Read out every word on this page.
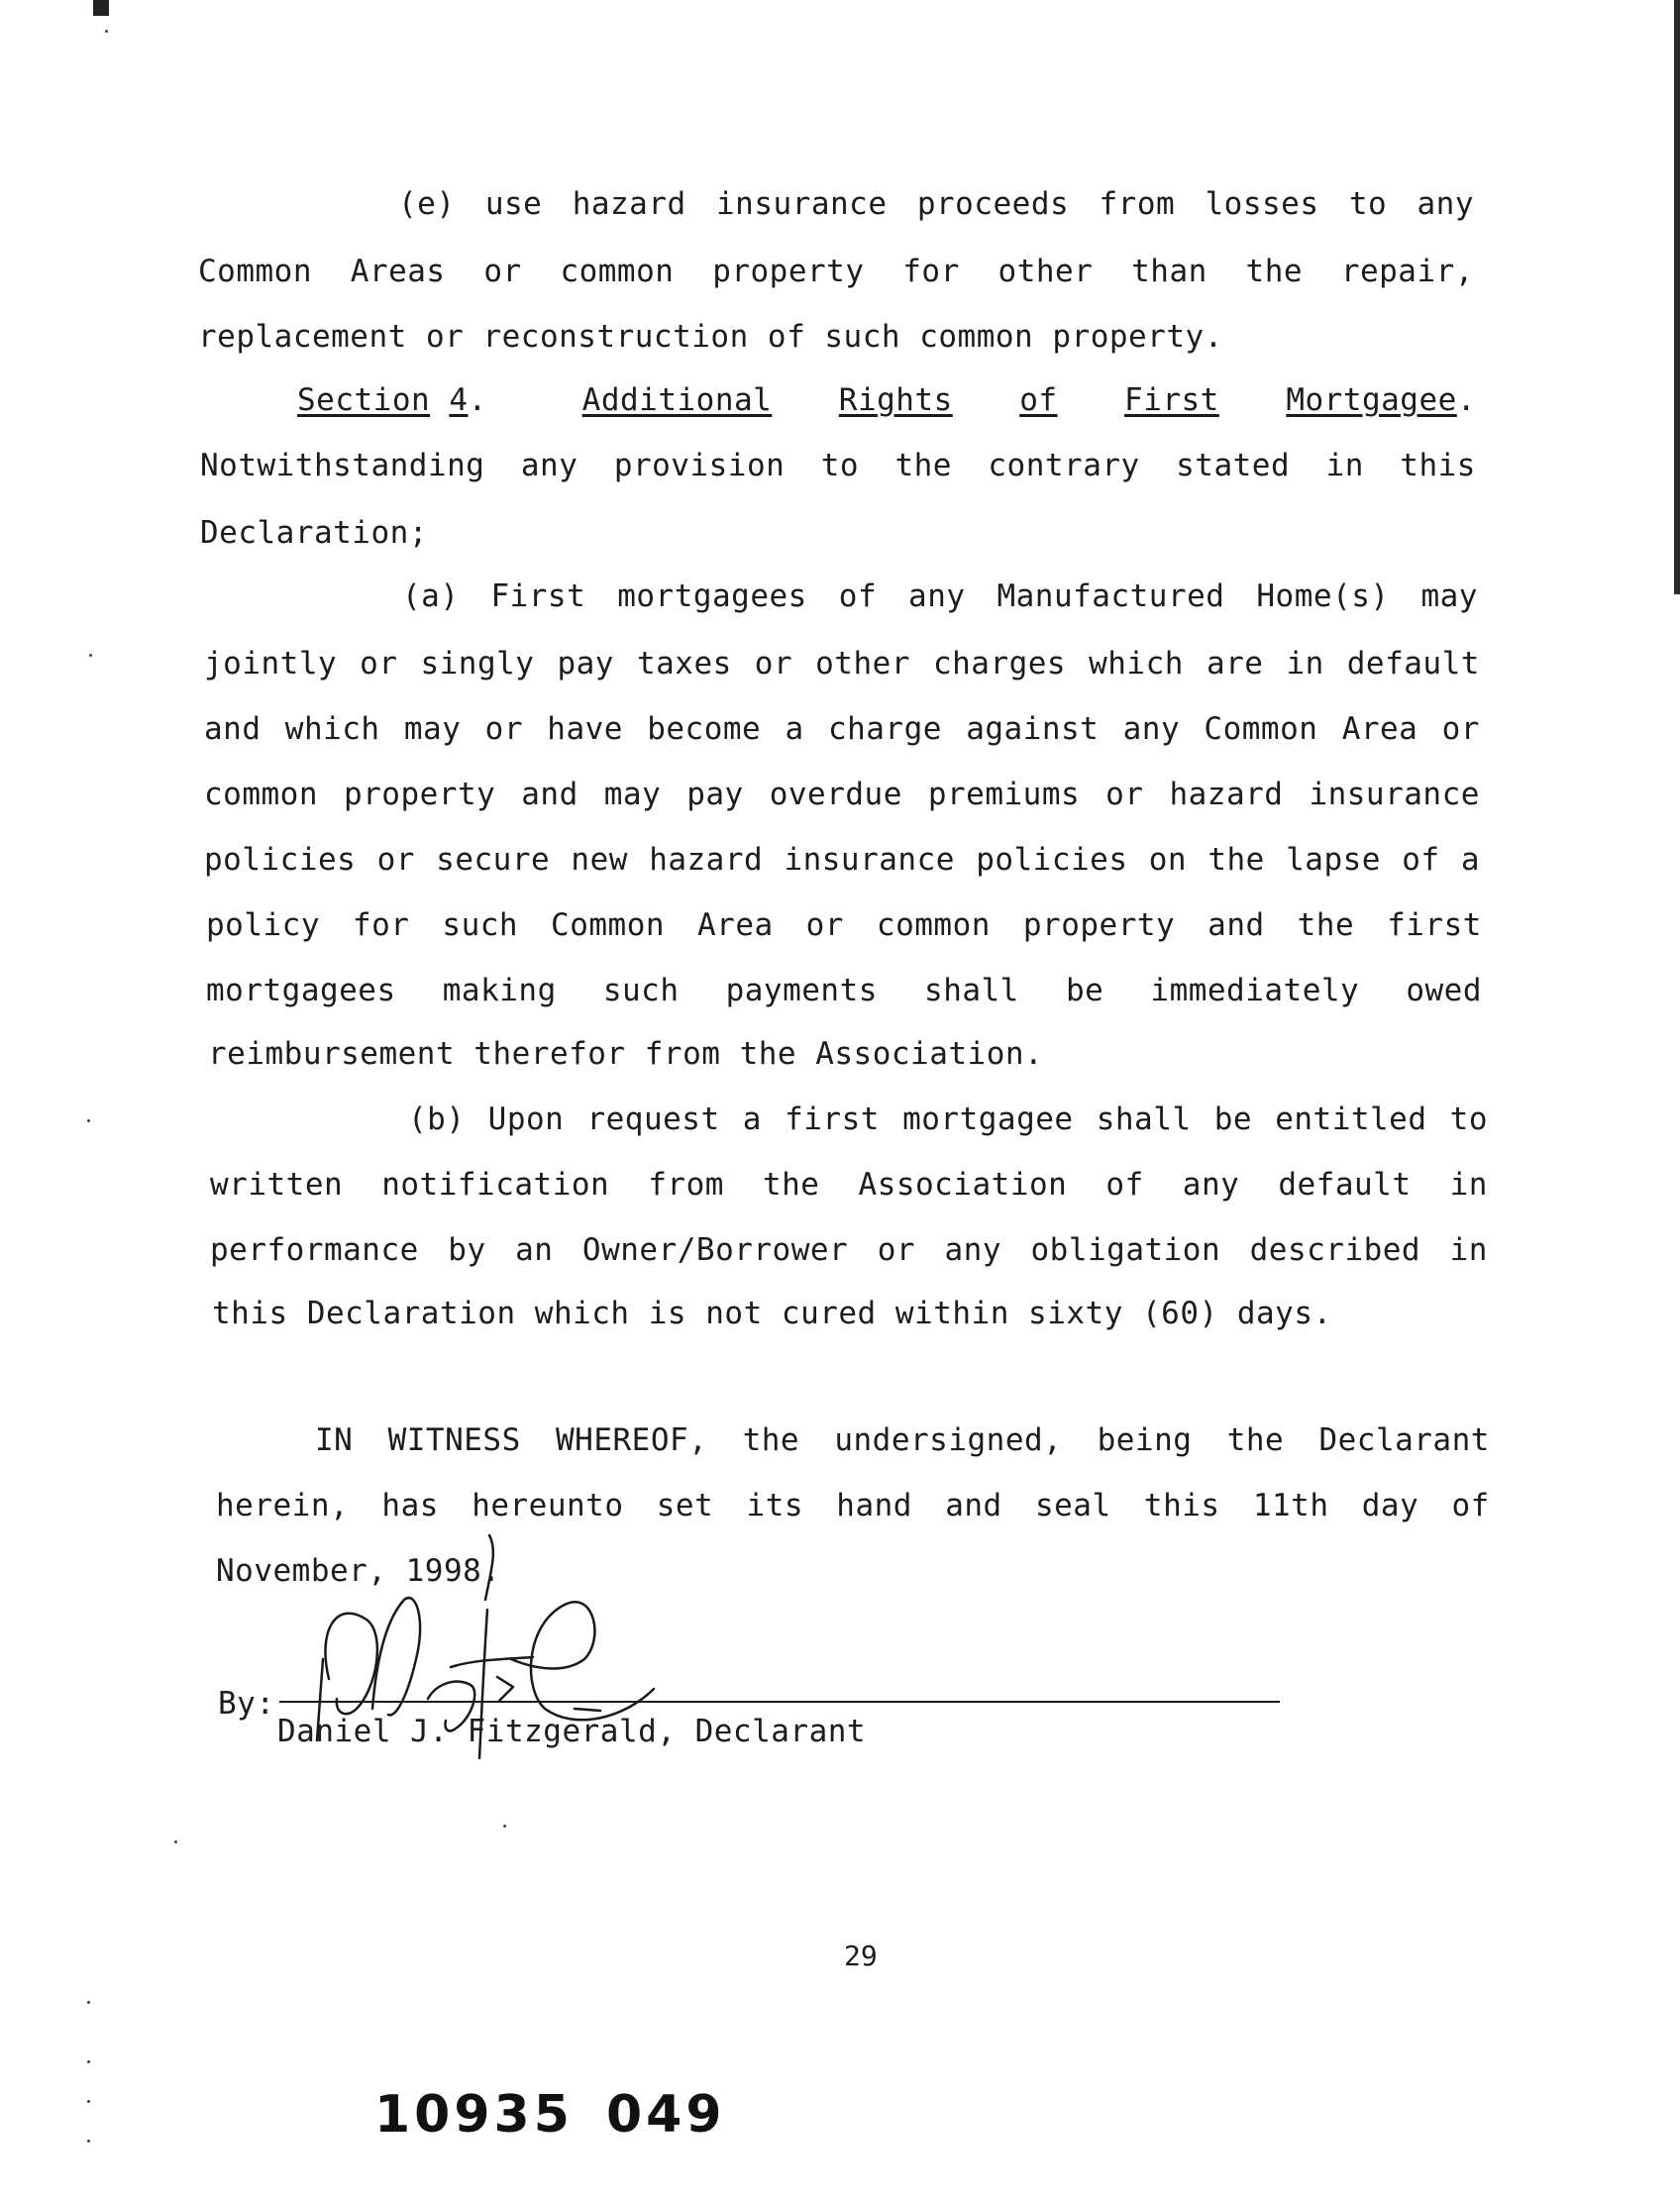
(e) use hazard insurance proceeds from losses to any
Common Areas or common property for other than the repair,
replacement or reconstruction of such common property.
Section
4 .	Additional Rights of First Mortgagee .
Notwithstanding any provision to the contrary stated in this
Declaration;
(a) First mortgagees of any Manufactured Home(s) may
jointly or singly pay taxes or other charges which are in default
and which may or have become a charge against any Common Area or
common property and may pay overdue premiums or hazard insurance
policies or secure new hazard insurance policies on the lapse of a
policy for such Common Area or common property and the first
mortgagees making such payments shall be immediately owed
reimbursement therefor from the Association.
(b) Upon request a first mortgagee shall be entitled to
written notification from the Association of any default in
performance by an Owner/Borrower or any obligation described in
this Declaration which is not cured within sixty (60) days.
IN WITNESS WHEREOF, the undersigned, being the Declarant
herein, has hereunto set its hand and seal this 11th day of
November, 1998.
By:
Daniel J. Fitzgerald, Declarant
29
10935 049
